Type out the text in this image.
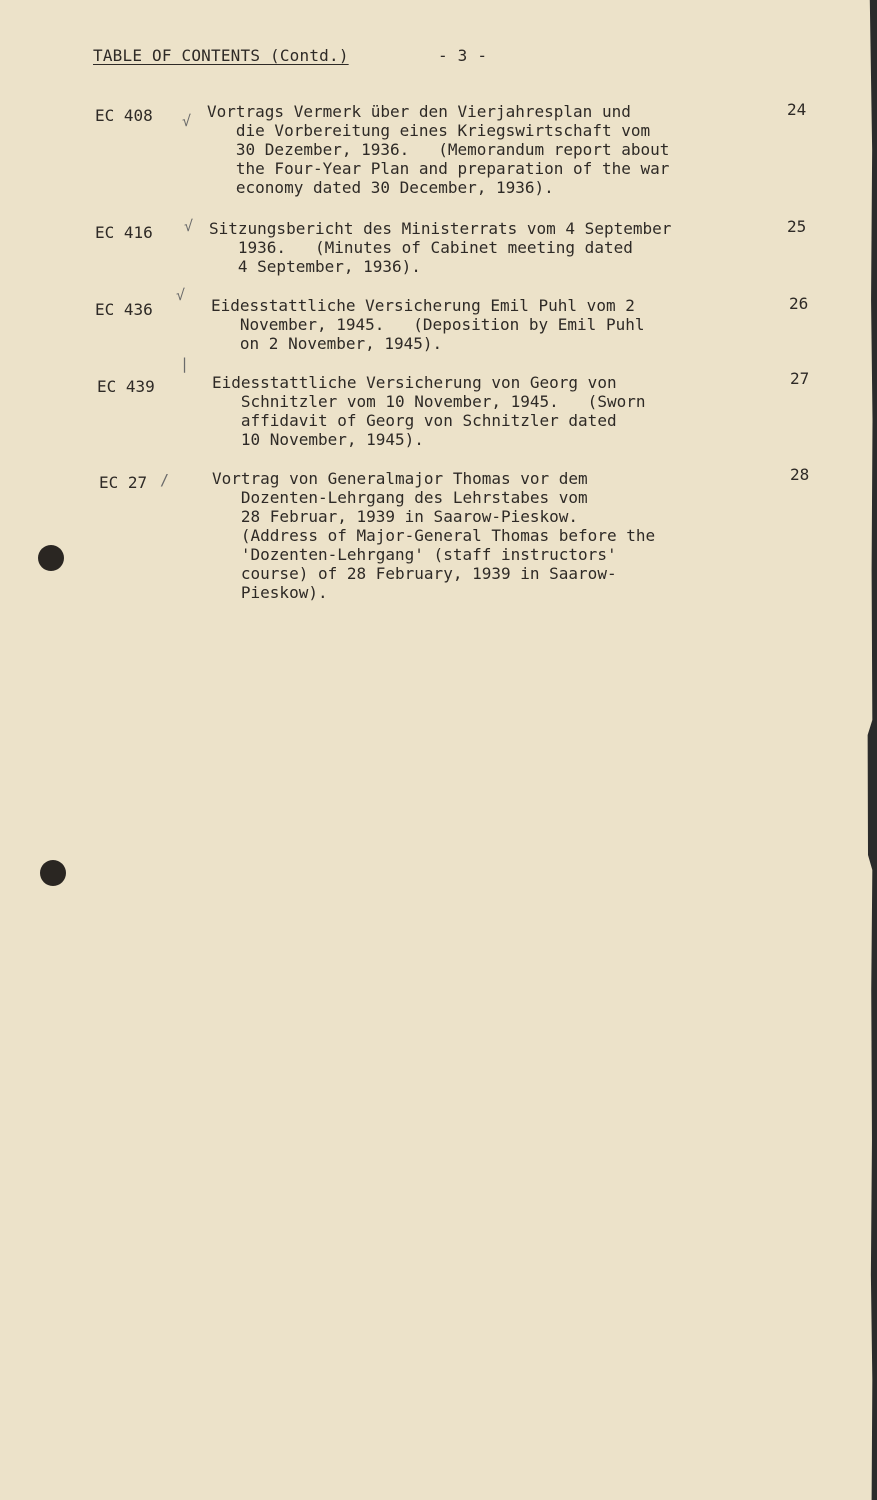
TABLE OF CONTENTS (Contd.)	- 3 -
EC 408 √ Vortrags Vermerk über den Vierjahresplan und
die Vorbereitung eines Kriegswirtschaft vom
30 Dezember, 1936.   (Memorandum report about
the Four-Year Plan and preparation of the war
economy dated 30 December, 1936).
24
EC 416 √ Sitzungsbericht des Ministerrats vom 4 September
1936.   (Minutes of Cabinet meeting dated
4 September, 1936).
25
EC 436
√
Eidesstattliche Versicherung Emil Puhl vom 2
November, 1945.   (Deposition by Emil Puhl
on 2 November, 1945).
26
EC 439
|
Eidesstattliche Versicherung von Georg von
Schnitzler vom 10 November, 1945.   (Sworn
affidavit of Georg von Schnitzler dated
10 November, 1945).
27
EC 27 /	Vortrag von Generalmajor Thomas vor dem
Dozenten-Lehrgang des Lehrstabes vom
28 Februar, 1939 in Saarow-Pieskow.
(Address of Major-General Thomas before the
'Dozenten-Lehrgang' (staff instructors'
course) of 28 February, 1939 in Saarow-
Pieskow).
28
